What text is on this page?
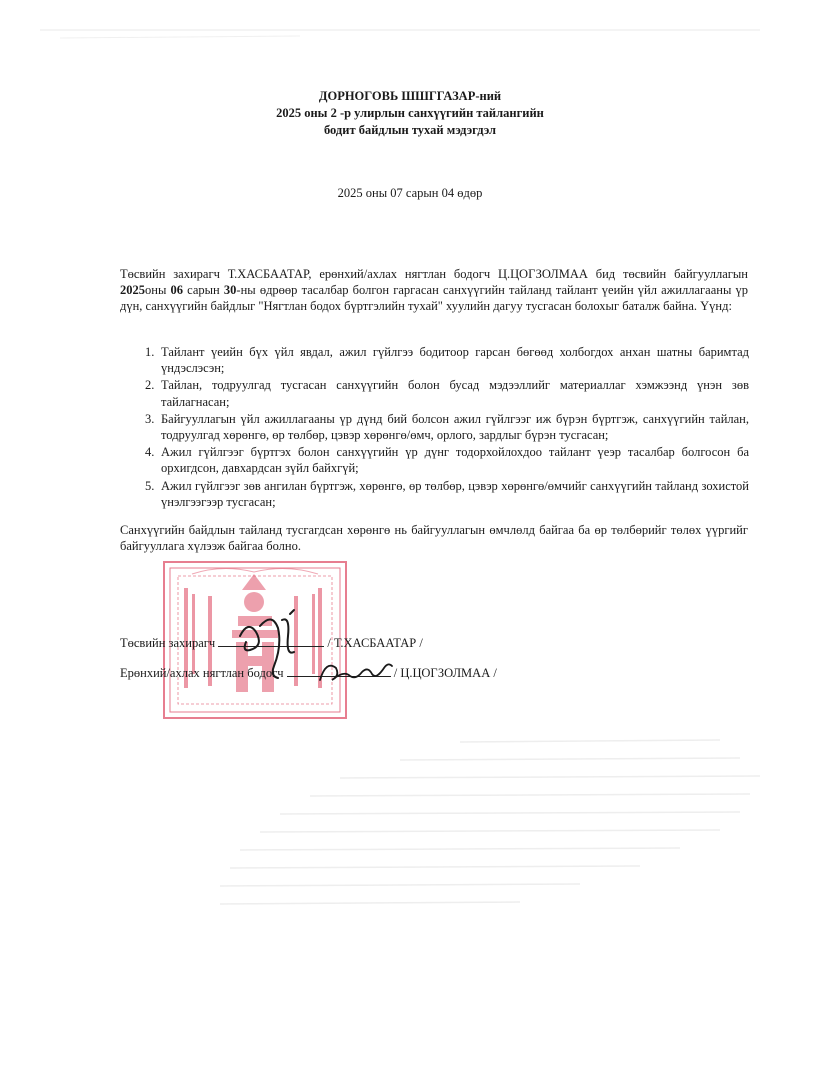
ДОРНОГОВЬ ШШГГАЗАР-ний
2025 оны 2 -р улирлын санхүүгийн тайлангийн
бодит байдлын тухай мэдэгдэл
2025 оны 07 сарын 04 өдөр
Төсвийн захирагч Т.ХАСБААТАР, ерөнхий/ахлах нягтлан бодогч Ц.ЦОГЗОЛМАА бид төсвийн байгууллагын 2025оны 06 сарын 30-ны өдрөөр тасалбар болгон гаргасан санхүүгийн тайланд тайлант үеийн үйл ажиллагааны үр дүн, санхүүгийн байдлыг "Нягтлан бодох бүртгэлийн тухай" хуулийн дагуу тусгасан болохыг баталж байна. Үүнд:
1. Тайлант үеийн бүх үйл явдал, ажил гүйлгээ бодитоор гарсан бөгөөд холбогдох анхан шатны баримтад үндэслэсэн;
2. Тайлан, тодруулгад тусгасан санхүүгийн болон бусад мэдээллийг материаллаг хэмжээнд үнэн зөв тайлагнасан;
3. Байгууллагын үйл ажиллагааны үр дүнд бий болсон ажил гүйлгээг иж бүрэн бүртгэж, санхүүгийн тайлан, тодруулгад хөрөнгө, өр төлбөр, цэвэр хөрөнгө/өмч, орлого, зардлыг бүрэн тусгасан;
4. Ажил гүйлгээг бүртгэх болон санхүүгийн үр дүнг тодорхойлохдоо тайлант үеэр тасалбар болгосон ба орхигдсон, давхардсан зүйл байхгүй;
5. Ажил гүйлгээг зөв ангилан бүртгэж, хөрөнгө, өр төлбөр, цэвэр хөрөнгө/өмчийг санхүүгийн тайланд зохистой үнэлгээгээр тусгасан;
Санхүүгийн байдлын тайланд тусгагдсан хөрөнгө нь байгууллагын өмчлөлд байгаа ба өр төлбөрийг төлөх үүргийг байгууллага хүлээж байгаа болно.
Төсвийн захирагч	/ Т.ХАСБААТАР /
Ерөнхий/ахлах нягтлан бодогч	/ Ц.ЦОГЗОЛМАА /
